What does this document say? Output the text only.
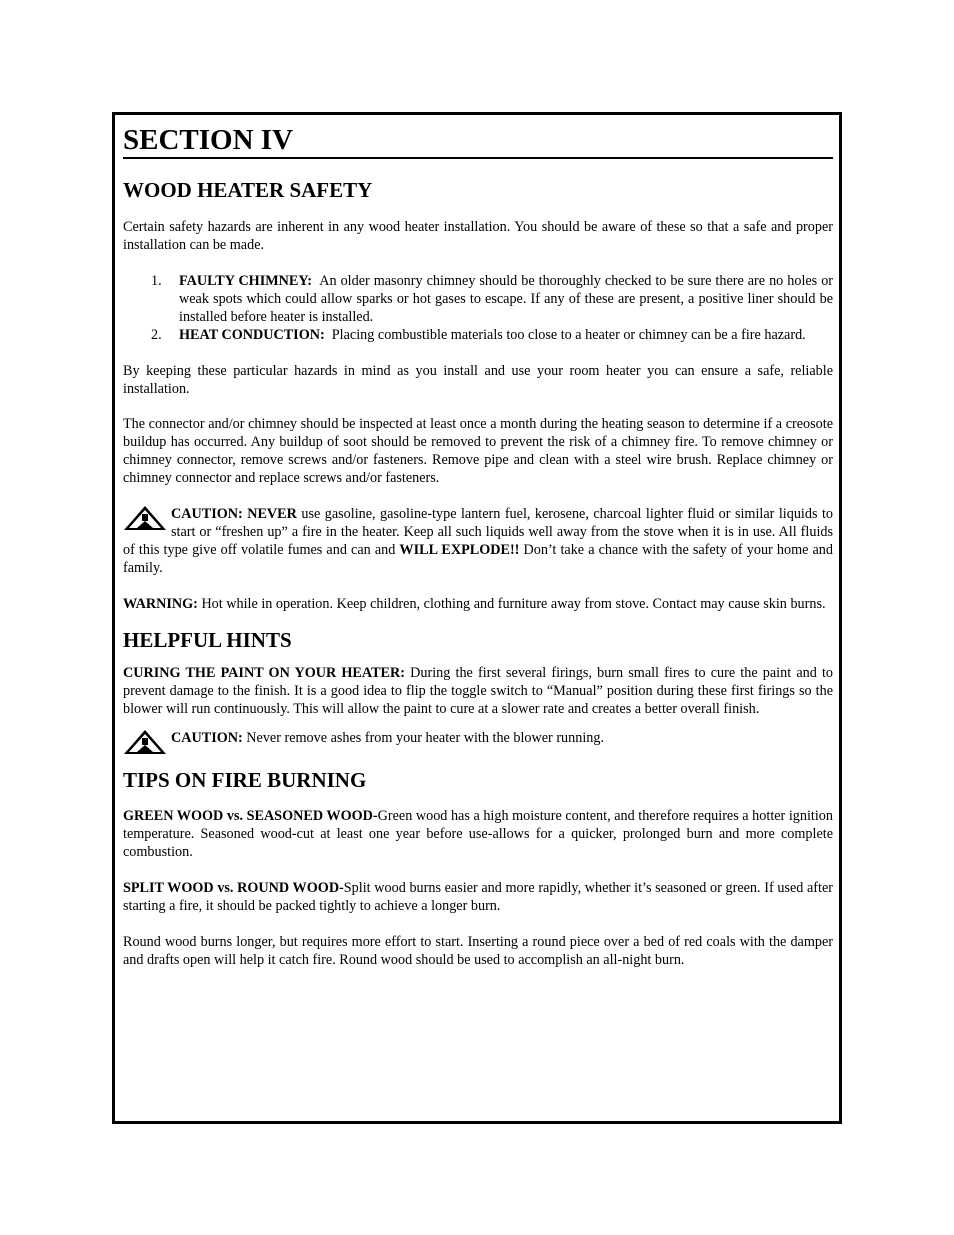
SECTION IV
WOOD HEATER SAFETY

Certain safety hazards are inherent in any wood heater installation. You should be aware of these so that a safe and proper installation can be made.

1. FAULTY CHIMNEY: An older masonry chimney should be thoroughly checked to be sure there are no holes or weak spots which could allow sparks or hot gases to escape. If any of these are present, a positive liner should be installed before heater is installed.
2. HEAT CONDUCTION: Placing combustible materials too close to a heater or chimney can be a fire hazard.

By keeping these particular hazards in mind as you install and use your room heater you can ensure a safe, reliable installation.

The connector and/or chimney should be inspected at least once a month during the heating season to determine if a creosote buildup has occurred. Any buildup of soot should be removed to prevent the risk of a chimney fire. To remove chimney or chimney connector, remove screws and/or fasteners. Remove pipe and clean with a steel wire brush. Replace chimney or chimney connector and replace screws and/or fasteners.

CAUTION: NEVER use gasoline, gasoline-type lantern fuel, kerosene, charcoal lighter fluid or similar liquids to start or “freshen up” a fire in the heater. Keep all such liquids well away from the stove when it is in use. All fluids of this type give off volatile fumes and can and WILL EXPLODE!! Don’t take a chance with the safety of your home and family.

WARNING: Hot while in operation. Keep children, clothing and furniture away from stove. Contact may cause skin burns.

HELPFUL HINTS

CURING THE PAINT ON YOUR HEATER: During the first several firings, burn small fires to cure the paint and to prevent damage to the finish. It is a good idea to flip the toggle switch to “Manual” position during these first firings so the blower will run continuously. This will allow the paint to cure at a slower rate and creates a better overall finish.

CAUTION: Never remove ashes from your heater with the blower running.

TIPS ON FIRE BURNING

GREEN WOOD vs. SEASONED WOOD-Green wood has a high moisture content, and therefore requires a hotter ignition temperature. Seasoned wood-cut at least one year before use-allows for a quicker, prolonged burn and more complete combustion.

SPLIT WOOD vs. ROUND WOOD-Split wood burns easier and more rapidly, whether it’s seasoned or green. If used after starting a fire, it should be packed tightly to achieve a longer burn.

Round wood burns longer, but requires more effort to start. Inserting a round piece over a bed of red coals with the damper and drafts open will help it catch fire. Round wood should be used to accomplish an all-night burn.
